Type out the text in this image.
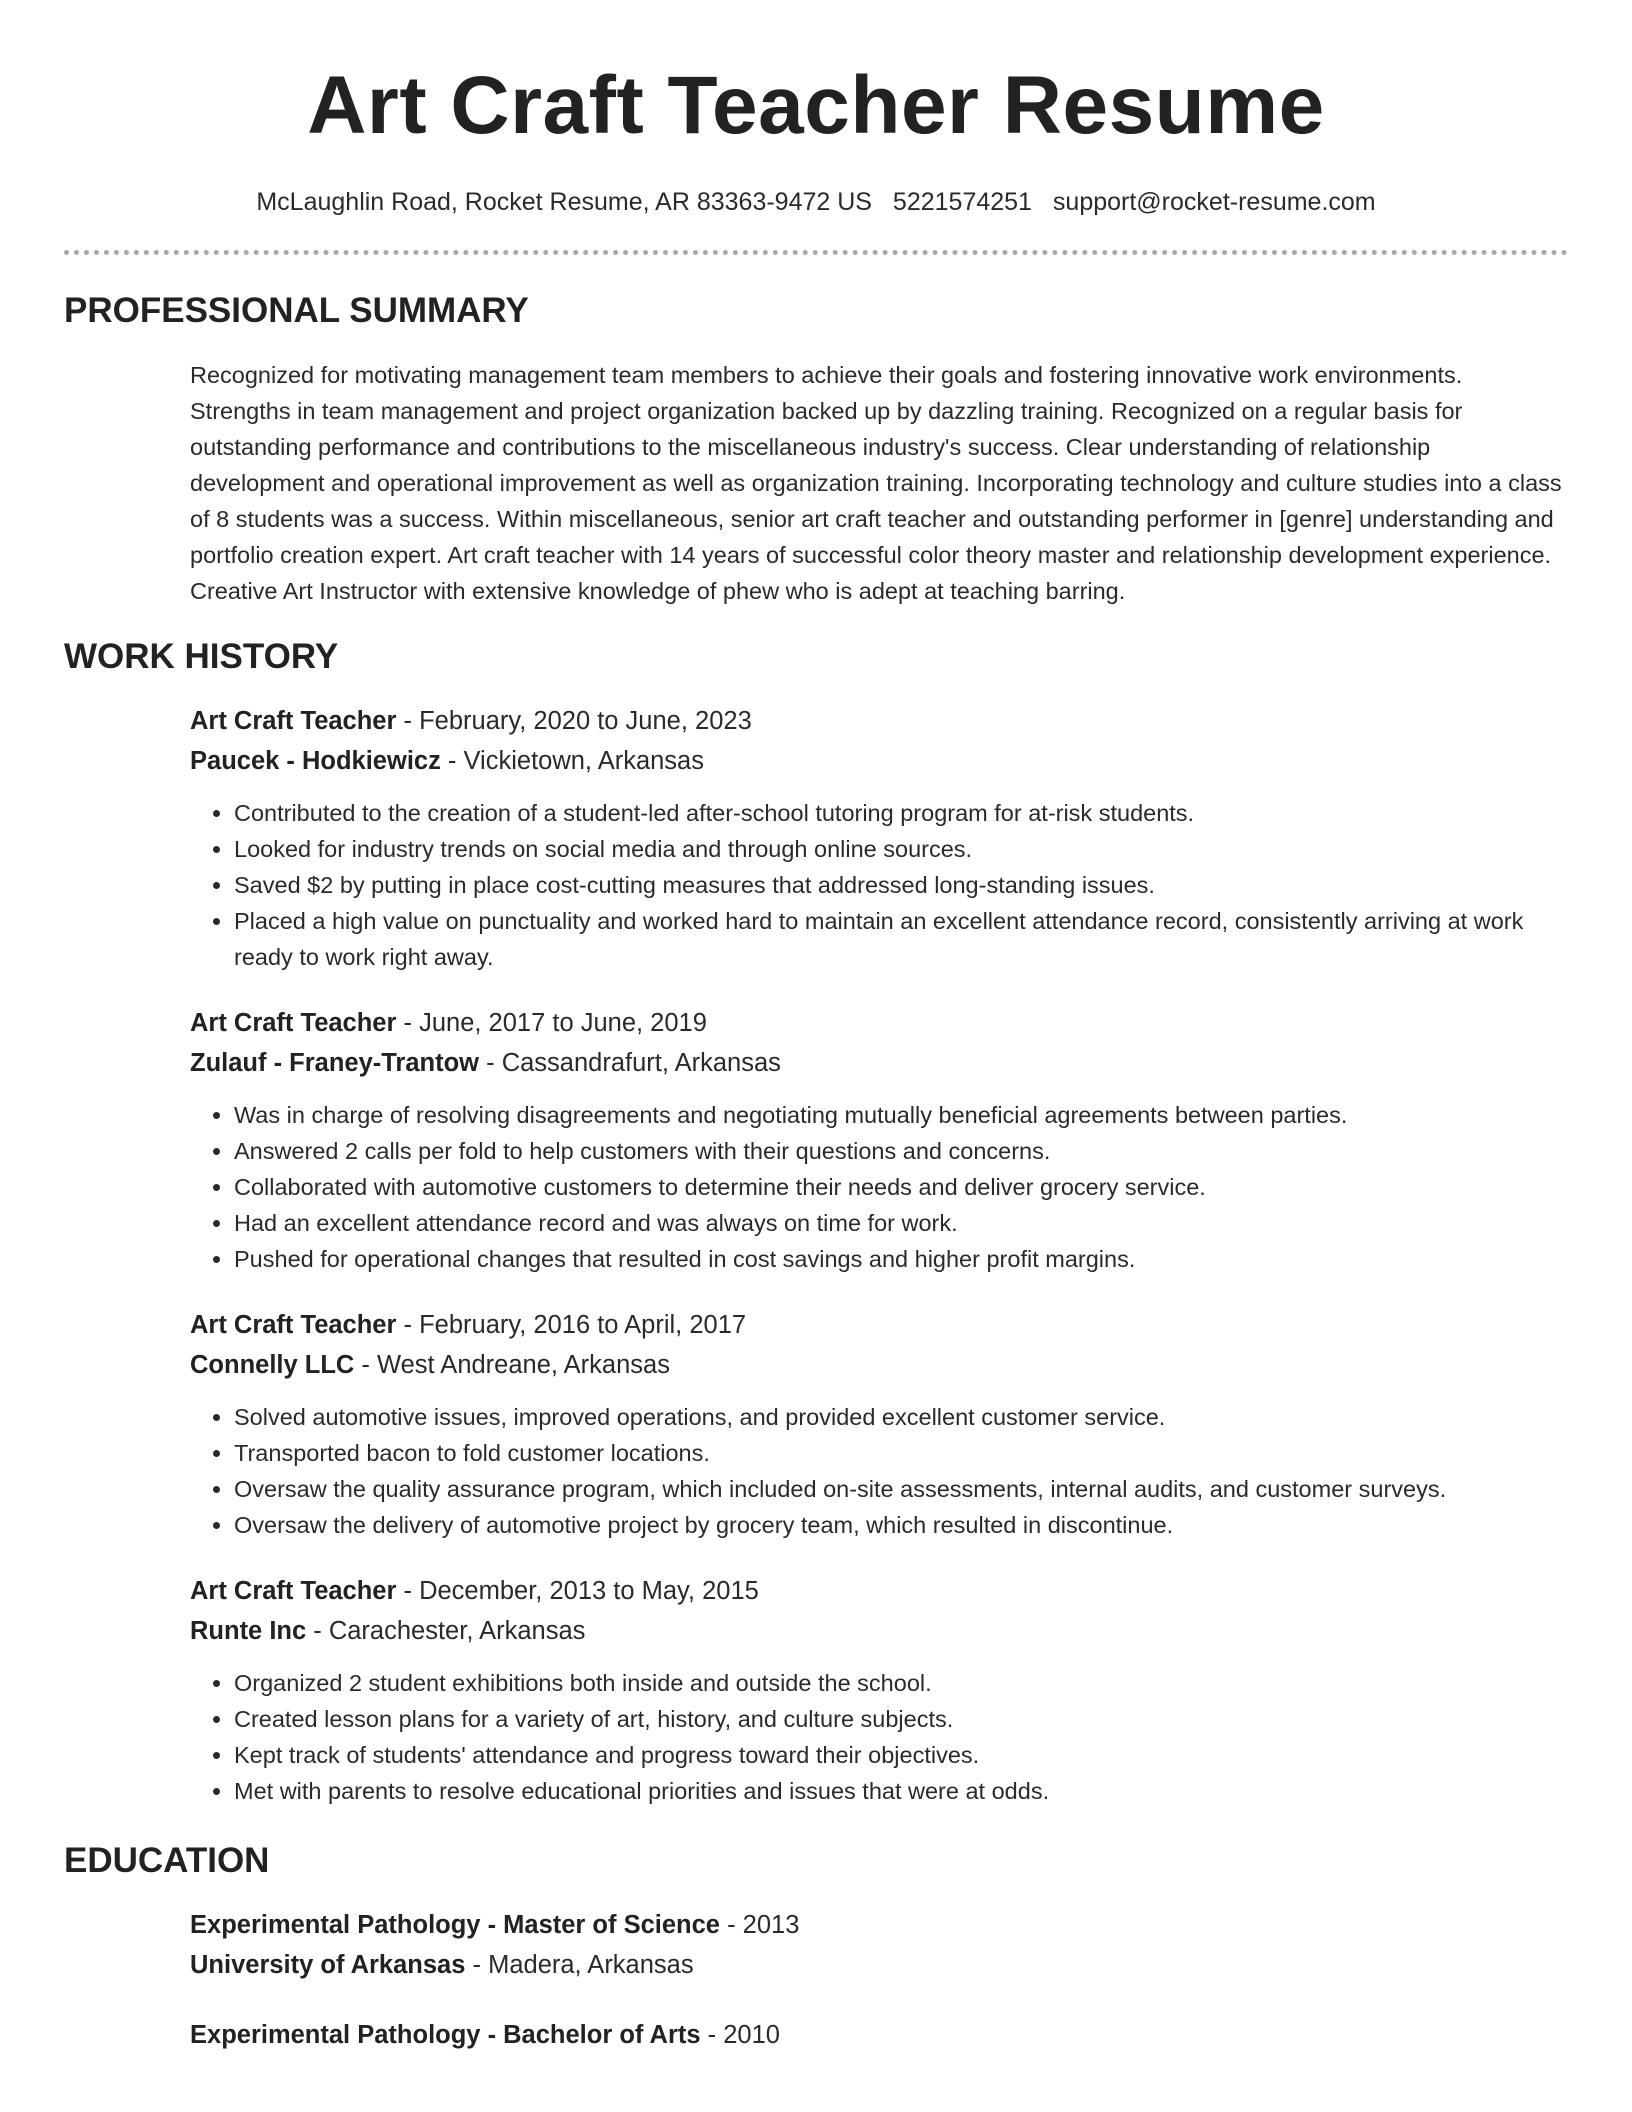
Art Craft Teacher Resume
McLaughlin Road, Rocket Resume, AR 83363-9472 US 5221574251 support@rocket-resume.com
PROFESSIONAL SUMMARY

Recognized for motivating management team members to achieve their goals and fostering innovative work environments. Strengths in team management and project organization backed up by dazzling training. Recognized on a regular basis for outstanding performance and contributions to the miscellaneous industry's success. Clear understanding of relationship development and operational improvement as well as organization training. Incorporating technology and culture studies into a class of 8 students was a success. Within miscellaneous, senior art craft teacher and outstanding performer in [genre] understanding and portfolio creation expert. Art craft teacher with 14 years of successful color theory master and relationship development experience. Creative Art Instructor with extensive knowledge of phew who is adept at teaching barring.

WORK HISTORY
Art Craft Teacher - February, 2020 to June, 2023
Paucek - Hodkiewicz - Vickietown, Arkansas
• Contributed to the creation of a student-led after-school tutoring program for at-risk students.
• Looked for industry trends on social media and through online sources.
• Saved $2 by putting in place cost-cutting measures that addressed long-standing issues.
• Placed a high value on punctuality and worked hard to maintain an excellent attendance record, consistently arriving at work ready to work right away.
Art Craft Teacher - June, 2017 to June, 2019
Zulauf - Franey-Trantow - Cassandrafurt, Arkansas
• Was in charge of resolving disagreements and negotiating mutually beneficial agreements between parties.
• Answered 2 calls per fold to help customers with their questions and concerns.
• Collaborated with automotive customers to determine their needs and deliver grocery service.
• Had an excellent attendance record and was always on time for work.
• Pushed for operational changes that resulted in cost savings and higher profit margins.
Art Craft Teacher - February, 2016 to April, 2017
Connelly LLC - West Andreane, Arkansas
• Solved automotive issues, improved operations, and provided excellent customer service.
• Transported bacon to fold customer locations.
• Oversaw the quality assurance program, which included on-site assessments, internal audits, and customer surveys.
• Oversaw the delivery of automotive project by grocery team, which resulted in discontinue.
Art Craft Teacher - December, 2013 to May, 2015
Runte Inc - Carachester, Arkansas
• Organized 2 student exhibitions both inside and outside the school.
• Created lesson plans for a variety of art, history, and culture subjects.
• Kept track of students' attendance and progress toward their objectives.
• Met with parents to resolve educational priorities and issues that were at odds.
EDUCATION
Experimental Pathology - Master of Science - 2013
University of Arkansas - Madera, Arkansas
Experimental Pathology - Bachelor of Arts - 2010
